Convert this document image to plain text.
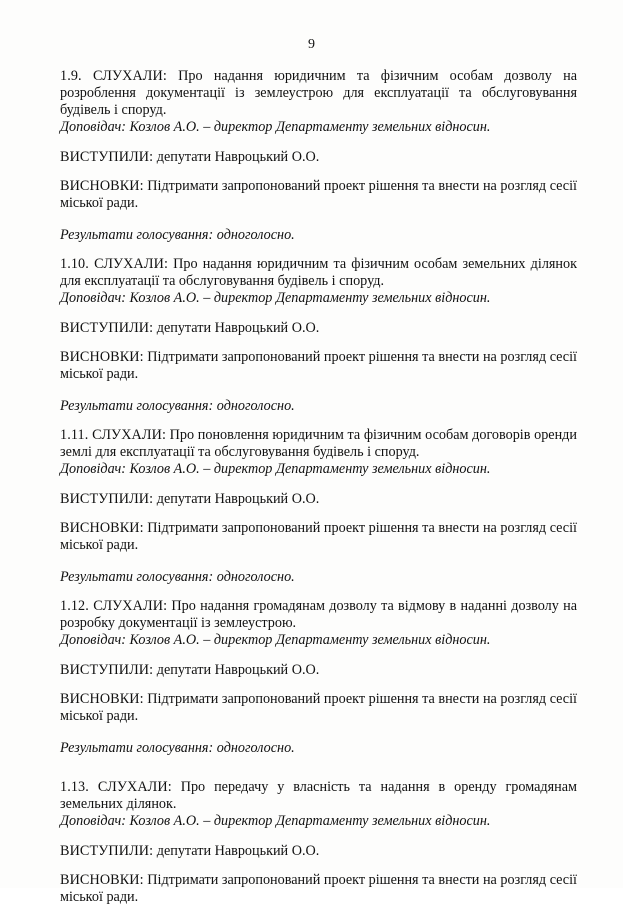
9

1.9. СЛУХАЛИ: Про надання юридичним та фізичним особам дозволу на розроблення документації із землеустрою для експлуатації та обслуговування будівель і споруд.

Доповідач: Козлов А.О. – директор Департаменту земельних відносин.

ВИСТУПИЛИ: депутати Навроцький О.О.

ВИСНОВКИ: Підтримати запропонований проект рішення та внести на розгляд сесії міської ради.

Результати голосування: одноголосно.

1.10. СЛУХАЛИ: Про надання юридичним та фізичним особам земельних ділянок для експлуатації та обслуговування будівель і споруд.

Доповідач: Козлов А.О. – директор Департаменту земельних відносин.

ВИСТУПИЛИ: депутати Навроцький О.О.

ВИСНОВКИ: Підтримати запропонований проект рішення та внести на розгляд сесії міської ради.

Результати голосування: одноголосно.

1.11. СЛУХАЛИ: Про поновлення юридичним та фізичним особам договорів оренди землі для експлуатації та обслуговування будівель і споруд.

Доповідач: Козлов А.О. – директор Департаменту земельних відносин.

ВИСТУПИЛИ: депутати Навроцький О.О.

ВИСНОВКИ: Підтримати запропонований проект рішення та внести на розгляд сесії міської ради.

Результати голосування: одноголосно.

1.12. СЛУХАЛИ: Про надання громадянам дозволу та відмову в наданні дозволу на розробку документації із землеустрою.

Доповідач: Козлов А.О. – директор Департаменту земельних відносин.

ВИСТУПИЛИ: депутати Навроцький О.О.

ВИСНОВКИ: Підтримати запропонований проект рішення та внести на розгляд сесії міської ради.

Результати голосування: одноголосно.

1.13. СЛУХАЛИ: Про передачу у власність та надання в оренду громадянам земельних ділянок.

Доповідач: Козлов А.О. – директор Департаменту земельних відносин.

ВИСТУПИЛИ: депутати Навроцький О.О.

ВИСНОВКИ: Підтримати запропонований проект рішення та внести на розгляд сесії міської ради.
